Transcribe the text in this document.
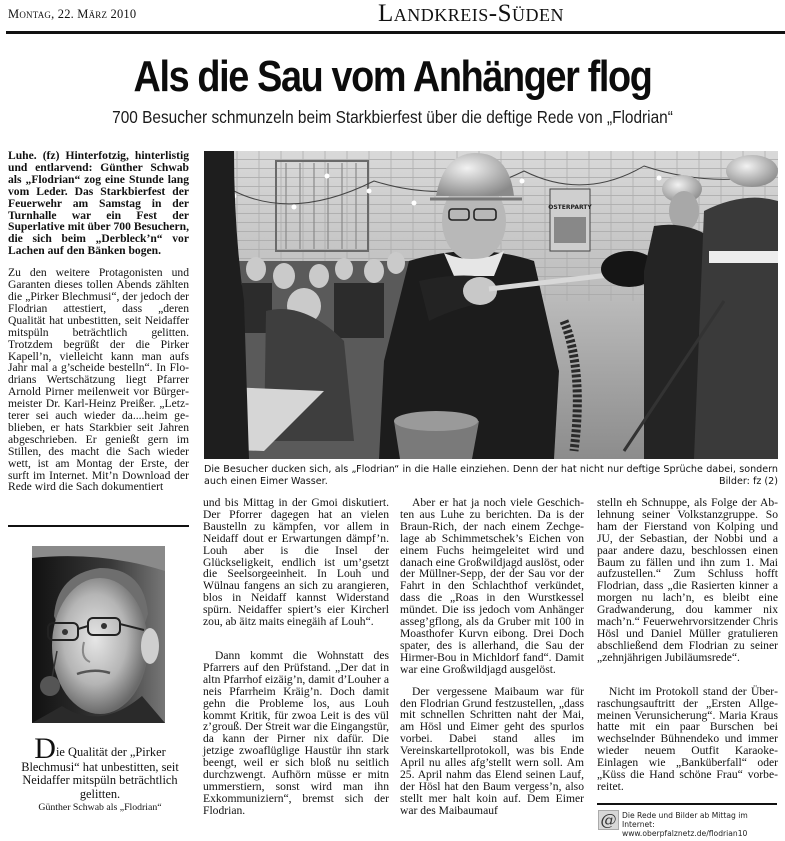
Montag, 22. März 2010	Landkreis-Süden
Als die Sau vom Anhänger flog
700 Besucher schmunzeln beim Starkbierfest über die deftige Rede von „Flodrian“

Luhe. (fz) Hinterfotzig, hinterlistig und entlarvend: Günther Schwab als „Flodrian“ zog eine Stunde lang vom Leder. Das Starkbierfest der Feuerwehr am Samstag in der Turnhalle war ein Fest der Superlative mit über 700 Besuchern, die sich beim „Derbleck’n“ vor Lachen auf den Bänken bogen.

Zu den weitere Protagonisten und Garanten dieses tollen Abends zählten die „Pirker Blechmusi“, der jedoch der Flodrian attestiert, dass „deren Qualität hat unbestitten, seit Neidaffer mitspüln beträchtlich gelitten. Trotzdem begrüßt der die Pirker Kapell’n, vielleicht kann man aufs Jahr mal a g’scheide bestelln“. In Flodrians Wertschätzung liegt Pfarrer Arnold Pirner meilenweit vor Bürgermeister Dr. Karl-Heinz Preißer. „Letzterer sei auch wieder da....heim geblieben, er hats Starkbier seit Jahren abgeschrieben. Er genießt gern im Stillen, des macht die Sach wieder wett, ist am Montag der Erste, der surft im Internet. Mit’n Download der Rede wird die Sach dokumentiert

Die Qualität der „Pirker Blechmusi“ hat unbestitten, seit Neidaffer mitspüln beträchtlich gelitten.
Günther Schwab als „Flodrian“
OSTERPARTY
Die Besucher ducken sich, als „Flodrian“ in die Halle einziehen. Denn der hat nicht nur deftige Sprüche dabei, sondern auch einen Eimer Wasser.	Bilder: fz (2)

und bis Mittag in der Gmoi diskutiert. Der Pforrer dagegen hat an vielen Baustelln zu kämpfen, vor allem in Neidaff dout er Erwartungen dämpf’n. Louh aber is die Insel der Glückseligkeit, endlich ist um’gsetzt die Seelsorgeeinheit. In Louh und Wülnau fangens an sich zu arangieren, blos in Neidaff kannst Widerstand spürn. Neidaffer spiert’s eier Kircherl zou, ab äitz maits einegäih af Louh“.

Dann kommt die Wohnstatt des Pfarrers auf den Prüfstand. „Der dat in altn Pfarrhof eizäig’n, damit d’Louher a neis Pfarrheim Kräig’n. Doch damit gehn die Probleme los, aus Louh kommt Kritik, für zwoa Leit is des vül z’grouß. Der Streit war die Eingangstür, da kann der Pirner nix dafür. Die jetzige zwoaflüglige Haustür ihn stark beengt, weil er sich bloß nu seitlich durchzwengt. Aufhörn müsse er mitn ummerstiern, sonst wird man ihn Exkommuniziern“, bremst sich der Flodrian.

Aber er hat ja noch viele Geschichten aus Luhe zu berichten. Da is der Braun-Rich, der nach einem Zechgelage ab Schimmetschek’s Eichen von einem Fuchs heimgeleitet wird und danach eine Großwildjagd auslöst, oder der Müllner-Sepp, der der Sau vor der Fahrt in den Schlachthof verkündet, dass die „Roas in den Wurstkessel mündet. Die iss jedoch vom Anhänger asseg’gflong, als da Gruber mit 100 in Moasthofer Kurvn eibong. Drei Doch spater, des is allerhand, die Sau der Hirmer-Bou in Michldorf fand“. Damit war eine Großwildjagd ausgelöst.

Der vergessene Maibaum war für den Flodrian Grund festzustellen, „dass mit schnellen Schritten naht der Mai, am Hösl und Eimer geht des spurlos vorbei. Dabei stand alles im Vereinskartellprotokoll, was bis Ende April nu alles afg’stellt wern soll. Am 25. April nahm das Elend seinen Lauf, der Hösl hat den Baum vergess’n, also stellt mer halt koin auf. Dem Eimer war des Maibaumauf

stelln eh Schnuppe, als Folge der Ablehnung seiner Volkstanzgruppe. So ham der Fierstand von Kolping und JU, der Sebastian, der Nobbi und a paar andere dazu, beschlossen einen Baum zu fällen und ihn zum 1. Mai aufzustellen.“ Zum Schluss hofft Flodrian, dass „die Rasierten kinner a morgen nu lach’n, es bleibt eine Gradwanderung, dou kammer nix mach’n.“ Feuerwehrvorsitzender Chris Hösl und Daniel Müller gratulieren abschließend dem Flodrian zu seiner „zehnjährigen Jubiläumsrede“.

Nicht im Protokoll stand der Überraschungsauftritt der „Ersten Allgemeinen Verunsicherung“. Maria Kraus hatte mit ein paar Burschen bei wechselnder Bühnendeko und immer wieder neuem Outfit Karaoke-Einlagen wie „Banküberfall“ oder „Küss die Hand schöne Frau“ vorbereitet.

@ Die Rede und Bilder ab Mittag im Internet:
www.oberpfalznetz.de/flodrian10
